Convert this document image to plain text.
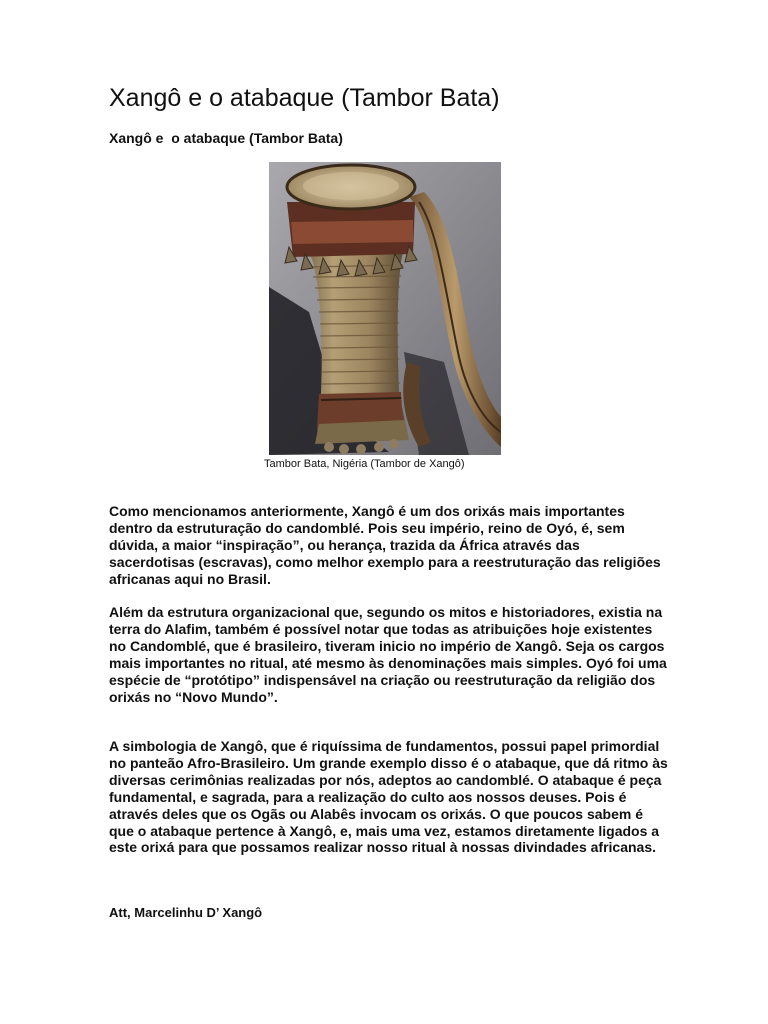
Xangô e o atabaque (Tambor Bata)
Xangô e  o atabaque (Tambor Bata)
Tambor Bata, Nigéria (Tambor de Xangô)

Como mencionamos anteriormente, Xangô é um dos orixás mais importantes dentro da estruturação do candomblé. Pois seu império, reino de Oyó, é, sem dúvida, a maior “inspiração”, ou herança, trazida da África através das sacerdotisas (escravas), como melhor exemplo para a reestruturação das religiões africanas aqui no Brasil.

Além da estrutura organizacional que, segundo os mitos e historiadores, existia na terra do Alafim, também é possível notar que todas as atribuições hoje existentes no Candomblé, que é brasileiro, tiveram inicio no império de Xangô. Seja os cargos mais importantes no ritual, até mesmo às denominações mais simples. Oyó foi uma espécie de “protótipo” indispensável na criação ou reestruturação da religião dos orixás no “Novo Mundo”.

A simbologia de Xangô, que é riquíssima de fundamentos, possui papel primordial no panteão Afro-Brasileiro. Um grande exemplo disso é o atabaque, que dá ritmo às diversas cerimônias realizadas por nós, adeptos ao candomblé. O atabaque é peça fundamental, e sagrada, para a realização do culto aos nossos deuses. Pois é através deles que os Ogãs ou Alabês invocam os orixás. O que poucos sabem é que o atabaque pertence à Xangô, e, mais uma vez, estamos diretamente ligados a este orixá para que possamos realizar nosso ritual à nossas divindades africanas.

Att, Marcelinhu D’ Xangô
